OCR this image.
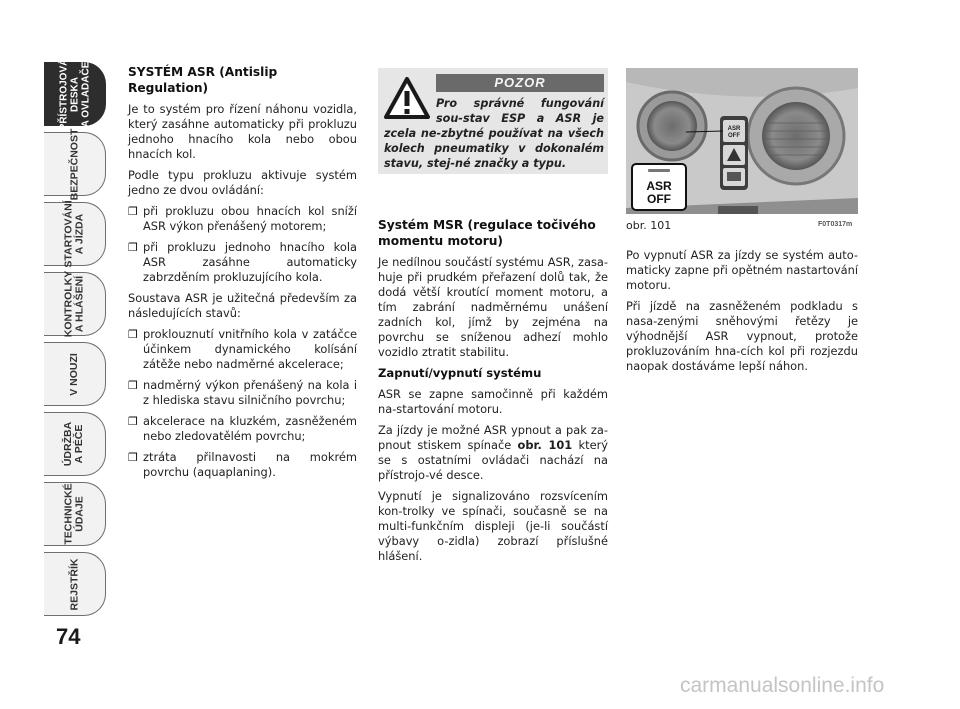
PŘÍSTROJOVÁ
DESKA
A OVLADAČE
BEZPEČNOST
STARTOVÁNÍ
A JÍZDA
KONTROLKY
A HLÁŠENÍ
V NOUZI
ÚDRŽBA
A PÉČE
TECHNICKÉ
ÚDAJE
REJSTŘÍK
74
SYSTÉM ASR (Antislip Regulation)

Je to systém pro řízení náhonu vozidla, který zasáhne automaticky při prokluzu jednoho hnacího kola nebo obou hnacích kol.

Podle typu prokluzu aktivuje systém jedno ze dvou ovládání:

❒ při prokluzu obou hnacích kol sníží ASR výkon přenášený motorem;
❒ při prokluzu jednoho hnacího kola ASR zasáhne automaticky zabrzděním prokluzujícího kola.

Soustava ASR je užitečná především za následujících stavů:

❒ proklouznutí vnitřního kola v zatáčce účinkem dynamického kolísání zátěže nebo nadměrné akcelerace;
❒ nadměrný výkon přenášený na kola i z hlediska stavu silničního povrchu;
❒ akcelerace na kluzkém, zasněženém nebo zledovatělém povrchu;
❒ ztráta přilnavosti na mokrém povrchu (aquaplaning).
POZOR
Pro správné fungování sou-stav ESP a ASR je zcela ne-zbytné používat na všech kolech pneumatiky v dokonalém stavu, stej-né značky a typu.
Systém MSR (regulace točivého momentu motoru)

Je nedílnou součástí systému ASR, zasa-huje při prudkém přeřazení dolů tak, že dodá větší kroutící moment motoru, a tím zabrání nadměrnému unášení zadních kol, jímž by zejména na povrchu se sníženou adhezí mohlo vozidlo ztratit stabilitu.

Zapnutí/vypnutí systému

ASR se zapne samočinně při každém na-startování motoru.

Za jízdy je možné ASR ypnout a pak za-pnout stiskem spínače obr. 101 který se s ostatními ovládači nachází na přístrojo-vé desce.

Vypnutí je signalizováno rozsvícením kon-trolky ve spínači, současně se na multi-funkčním displeji (je-li součástí výbavy o-zidla) zobrazí příslušné hlášení.

ASR
OFF
ASR
OFF
obr. 101	F0T0317m

Po vypnutí ASR za jízdy se systém auto-maticky zapne při opětném nastartování motoru.

Při jízdě na zasněženém podkladu s nasa-zenými sněhovými řetězy je výhodnější ASR vypnout, protože prokluzováním hna-cích kol při rozjezdu naopak dostáváme lepší náhon.

carmanualsonline.info
